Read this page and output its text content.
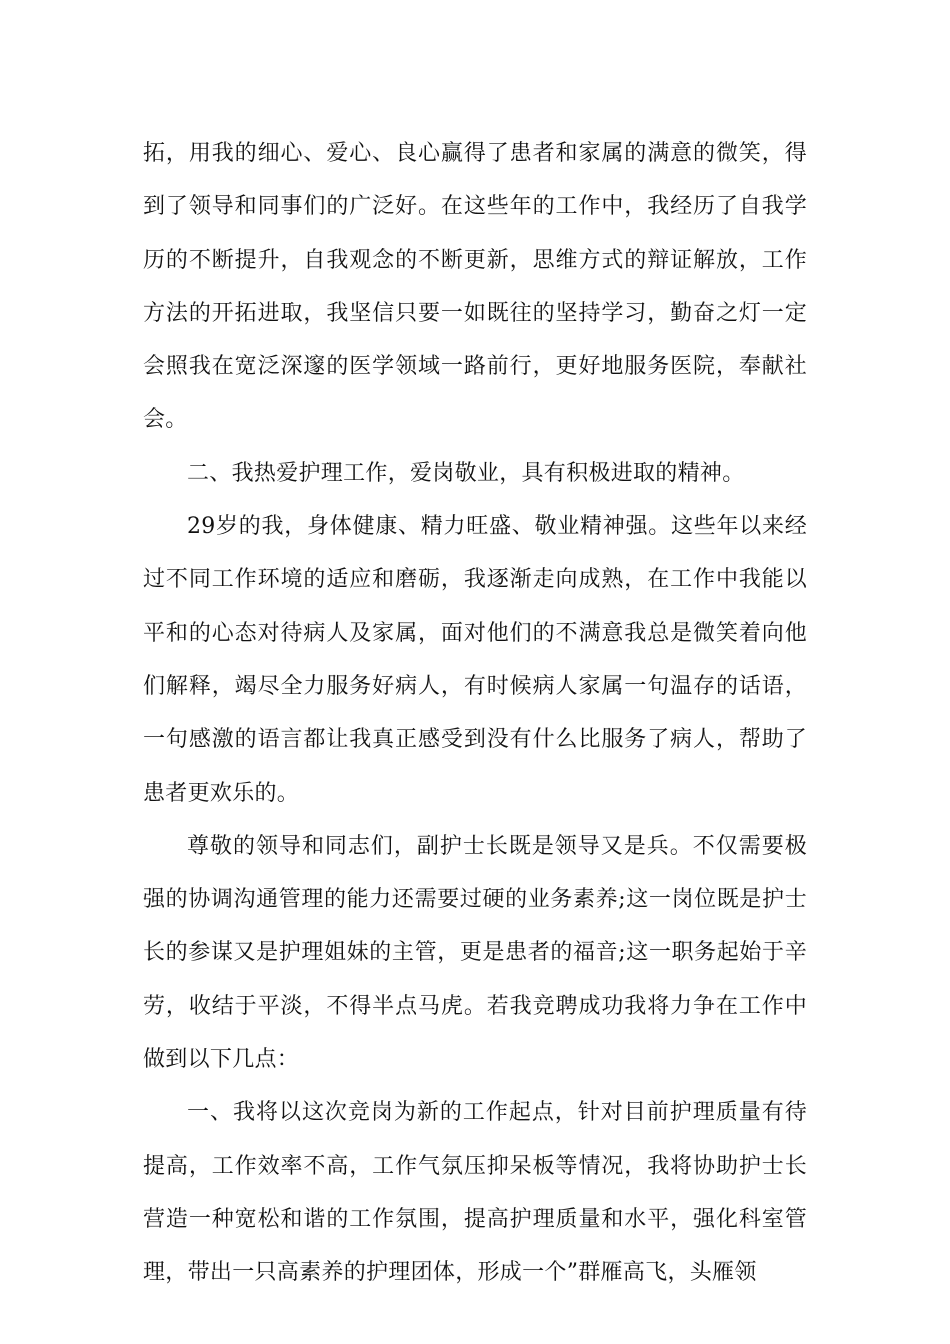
拓，用我的细心、爱心、良心赢得了患者和家属的满意的微笑，得到了领导和同事们的广泛好。在这些年的工作中，我经历了自我学历的不断提升，自我观念的不断更新，思维方式的辩证解放，工作方法的开拓进取，我坚信只要一如既往的坚持学习，勤奋之灯一定会照我在宽泛深邃的医学领域一路前行，更好地服务医院，奉献社会。

二、我热爱护理工作，爱岗敬业，具有积极进取的精神。

29岁的我，身体健康、精力旺盛、敬业精神强。这些年以来经过不同工作环境的适应和磨砺，我逐渐走向成熟，在工作中我能以平和的心态对待病人及家属，面对他们的不满意我总是微笑着向他们解释，竭尽全力服务好病人，有时候病人家属一句温存的话语，一句感激的语言都让我真正感受到没有什么比服务了病人，帮助了患者更欢乐的。

尊敬的领导和同志们，副护士长既是领导又是兵。不仅需要极强的协调沟通管理的能力还需要过硬的业务素养;这一岗位既是护士长的参谋又是护理姐妹的主管，更是患者的福音;这一职务起始于辛劳，收结于平淡，不得半点马虎。若我竞聘成功我将力争在工作中做到以下几点：

一、我将以这次竞岗为新的工作起点，针对目前护理质量有待提高，工作效率不高，工作气氛压抑呆板等情况，我将协助护士长营造一种宽松和谐的工作氛围，提高护理质量和水平，强化科室管理，带出一只高素养的护理团体，形成一个”群雁高飞，头雁领
